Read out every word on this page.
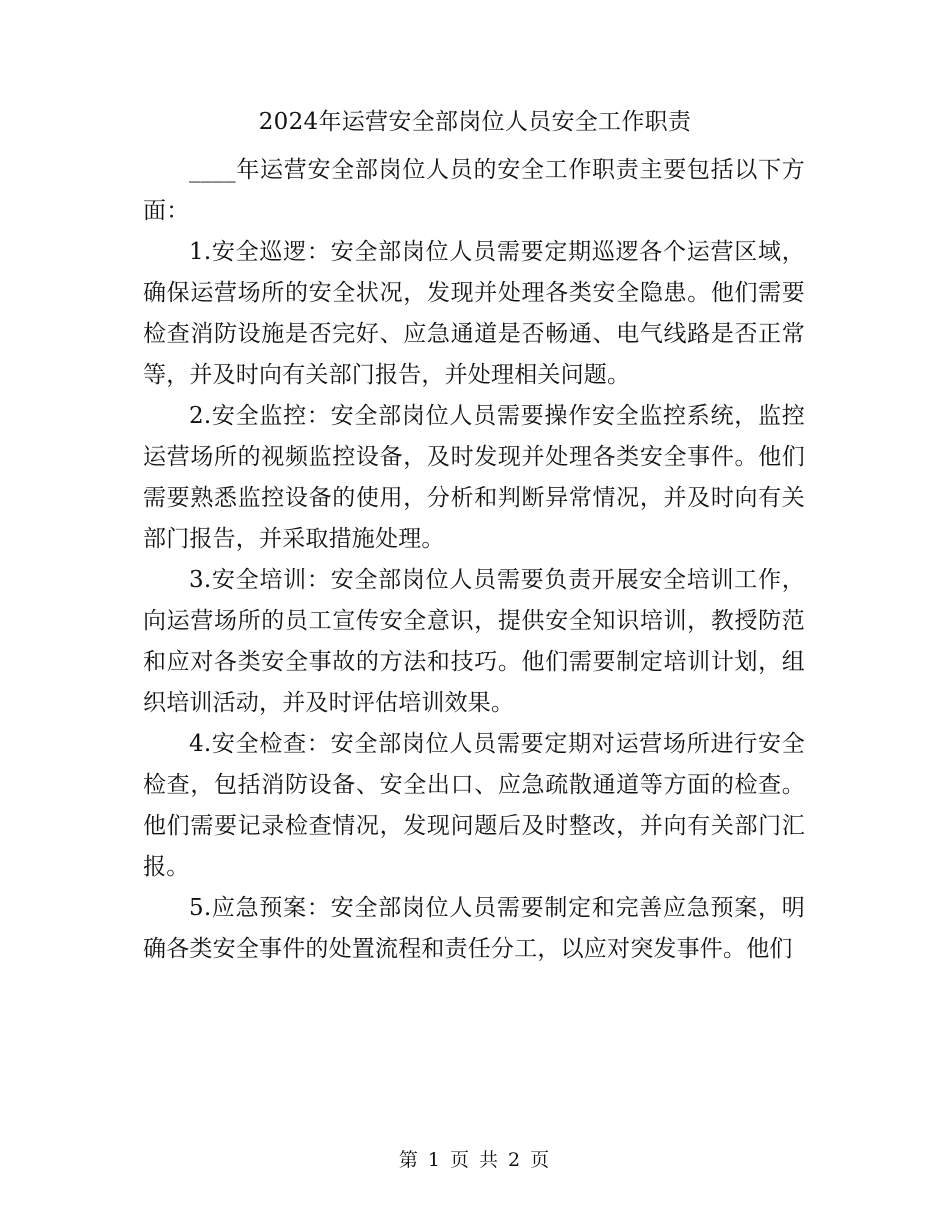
2024年运营安全部岗位人员安全工作职责

____年运营安全部岗位人员的安全工作职责主要包括以下方面：

1.安全巡逻：安全部岗位人员需要定期巡逻各个运营区域，确保运营场所的安全状况，发现并处理各类安全隐患。他们需要检查消防设施是否完好、应急通道是否畅通、电气线路是否正常等，并及时向有关部门报告，并处理相关问题。

2.安全监控：安全部岗位人员需要操作安全监控系统，监控运营场所的视频监控设备，及时发现并处理各类安全事件。他们需要熟悉监控设备的使用，分析和判断异常情况，并及时向有关部门报告，并采取措施处理。

3.安全培训：安全部岗位人员需要负责开展安全培训工作，向运营场所的员工宣传安全意识，提供安全知识培训，教授防范和应对各类安全事故的方法和技巧。他们需要制定培训计划，组织培训活动，并及时评估培训效果。

4.安全检查：安全部岗位人员需要定期对运营场所进行安全检查，包括消防设备、安全出口、应急疏散通道等方面的检查。他们需要记录检查情况，发现问题后及时整改，并向有关部门汇报。

5.应急预案：安全部岗位人员需要制定和完善应急预案，明确各类安全事件的处置流程和责任分工，以应对突发事件。他们

第 1 页 共 2 页
